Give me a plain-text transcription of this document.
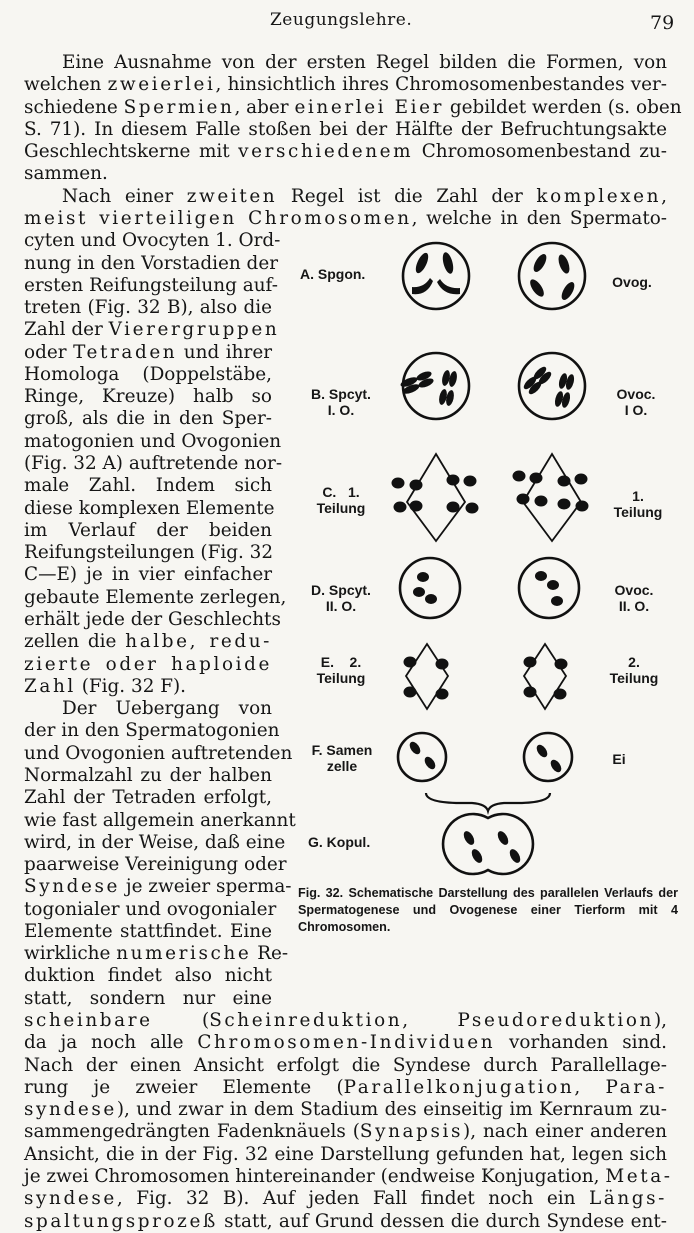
Zeugungslehre.	79
Eine Ausnahme von der ersten Regel bilden die Formen, von
welchen zweierlei, hinsichtlich ihres Chromosomenbestandes ver-
schiedene Spermien, aber einerlei Eier gebildet werden (s. oben
S. 71). In diesem Falle stoßen bei der Hälfte der Befruchtungsakte
Geschlechtskerne mit verschiedenem Chromosomenbestand zu-
sammen.
Nach einer zweiten Regel ist die Zahl der komplexen,
meist vierteiligen Chromosomen, welche in den Spermato-
cyten und Ovocyten 1. Ord-
nung in den Vorstadien der
ersten Reifungsteilung auf-
treten (Fig. 32 B), also die
Zahl der Vierergruppen
oder Tetraden und ihrer
Homologa (Doppelstäbe,
Ringe, Kreuze) halb so
groß, als die in den Sper-
matogonien und Ovogonien
(Fig. 32 A) auftretende nor-
male Zahl. Indem sich
diese komplexen Elemente
im Verlauf der beiden
Reifungsteilungen (Fig. 32
C—E) je in vier einfacher
gebaute Elemente zerlegen,
erhält jede der Geschlechts
zellen die halbe, redu-
zierte oder haploide
Zahl (Fig. 32 F).
Der Uebergang von
der in den Spermatogonien
und Ovogonien auftretenden
Normalzahl zu der halben
Zahl der Tetraden erfolgt,
wie fast allgemein anerkannt
wird, in der Weise, daß eine
paarweise Vereinigung oder
Syndese je zweier sperma-
togonialer und ovogonialer
Elemente stattfindet. Eine
wirkliche numerische Re-
duktion findet also nicht
statt, sondern nur eine
scheinbare (Scheinreduktion, Pseudoreduktion),
da ja noch alle Chromosomen-Individuen vorhanden sind.
Nach der einen Ansicht erfolgt die Syndese durch Parallellage-
rung je zweier Elemente (Parallelkonjugation, Para-
syndese), und zwar in dem Stadium des einseitig im Kernraum zu-
sammengedrängten Fadenknäuels (Synapsis), nach einer anderen
Ansicht, die in der Fig. 32 eine Darstellung gefunden hat, legen sich
je zwei Chromosomen hintereinander (endweise Konjugation, Meta-
syndese, Fig. 32 B). Auf jeden Fall findet noch ein Längs-
spaltungsprozeß statt, auf Grund dessen die durch Syndese ent-
A. Spgon.	Ovog.
B. Spcyt.
I. O.
Ovoc.
I O.
C.   1.
Teilung
1.
Teilung
D. Spcyt.
II. O.
Ovoc.
II. O.
E.    2.
Teilung
2.
Teilung
F. Samen
zelle	Ei
G. Kopul.
Fig. 32. Schematische Darstellung des parallelen Verlaufs der Spermatogenese und Ovogenese einer Tierform mit 4 Chromosomen.
